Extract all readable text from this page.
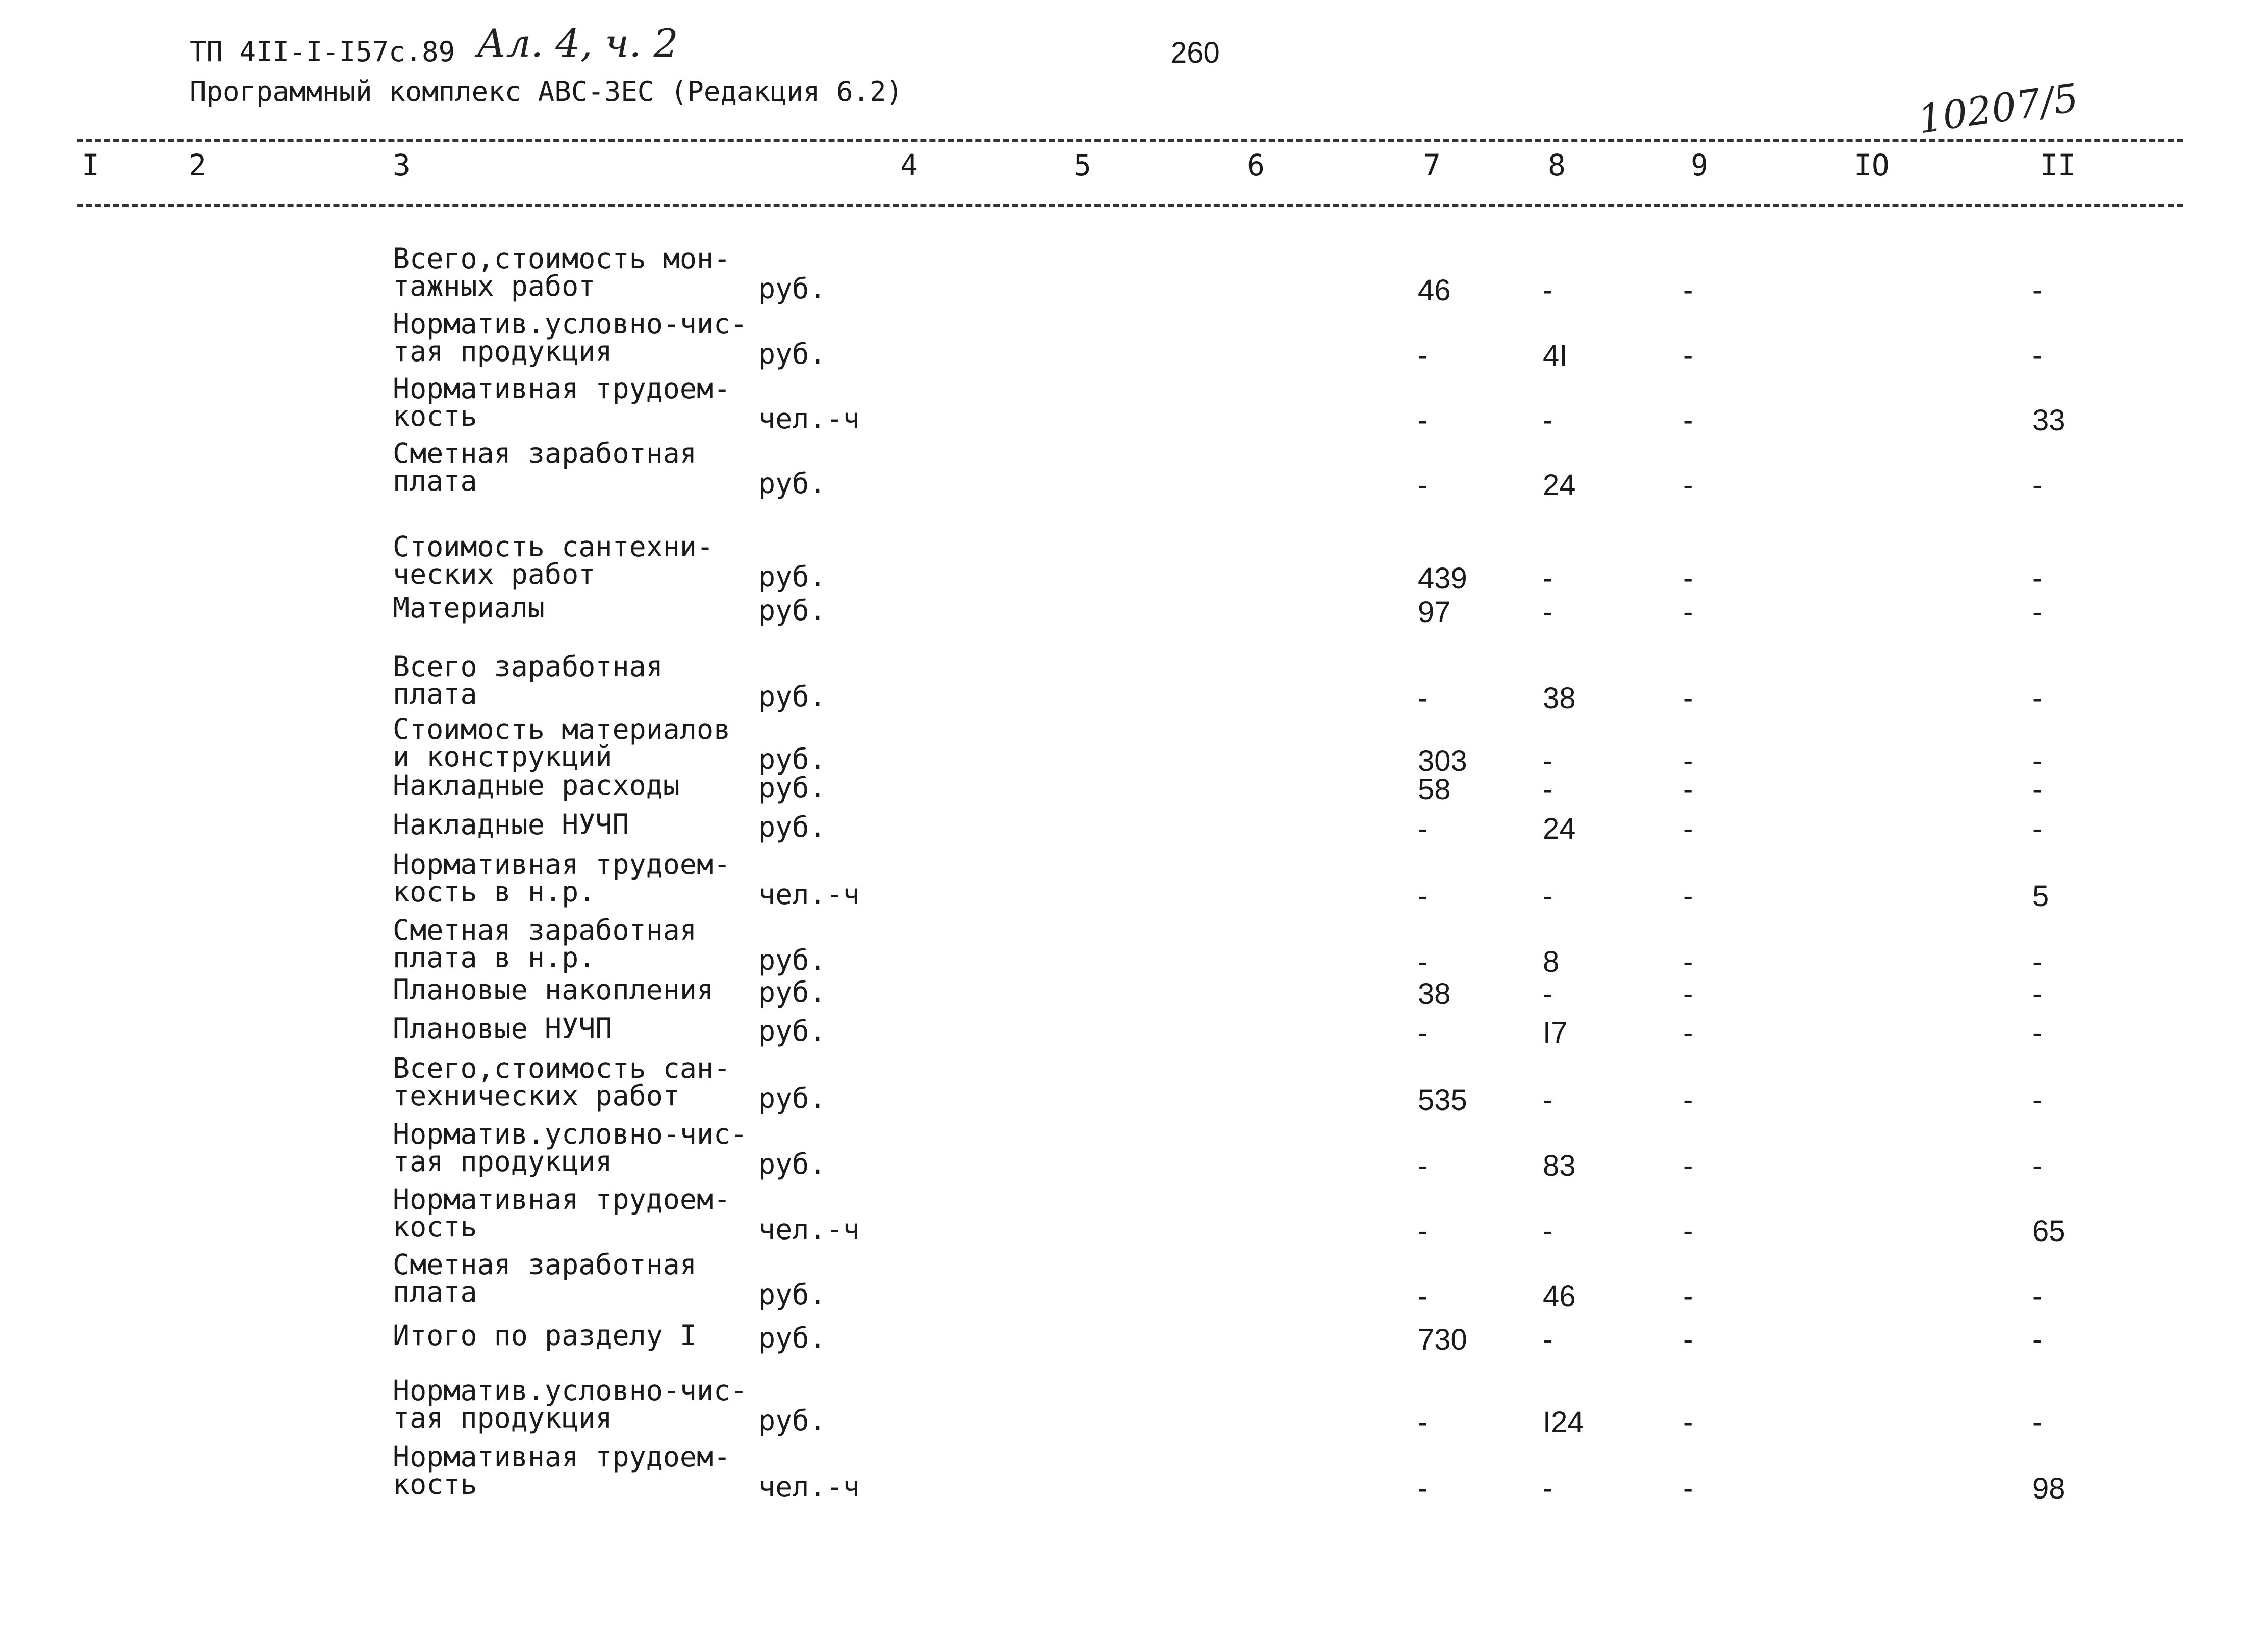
ТП 4II-I-I57с.89 Ал. 4, ч. 2	260
Программный комплекс АВС-3ЕС (Редакция 6.2)	10207/5
I	2	3	4	5	6	7	8	9	IO	II
Всего,стоимость мон-
тажных работ	руб.	46	-	-	-
Норматив.условно-чис-
тая продукция	руб.	-	4I	-	-
Нормативная трудоем-
кость	чел.-ч	-	-	-	33
Сметная заработная
плата	руб.	-	24	-	-
Стоимость сантехни-
ческих работ	руб.	439	-	-	-
Материалы	руб.	97	-	-	-
Всего заработная
плата	руб.	-	38	-	-
Стоимость материалов
и конструкций	руб.	303	-	-	-
Накладные расходы	руб.	58	-	-	-
Накладные НУЧП	руб.	-	24	-	-
Нормативная трудоем-
кость в н.р.	чел.-ч	-	-	-	5
Сметная заработная
плата в н.р.	руб.	-	8	-	-
Плановые накопления руб.	38	-	-	-
Плановые НУЧП	руб.	-	I7	-	-
Всего,стоимость сан-
технических работ	руб.	535	-	-	-
Норматив.условно-чис-
тая продукция	руб.	-	83	-	-
Нормативная трудоем-
кость	чел.-ч	-	-	-	65
Сметная заработная
плата	руб.	-	46	-	-
Итого по разделу I руб.	730	-	-	-
Норматив.условно-чис-
тая продукция	руб.	-	I24	-	-
Нормативная трудоем-
кость	чел.-ч	-	-	-	98
